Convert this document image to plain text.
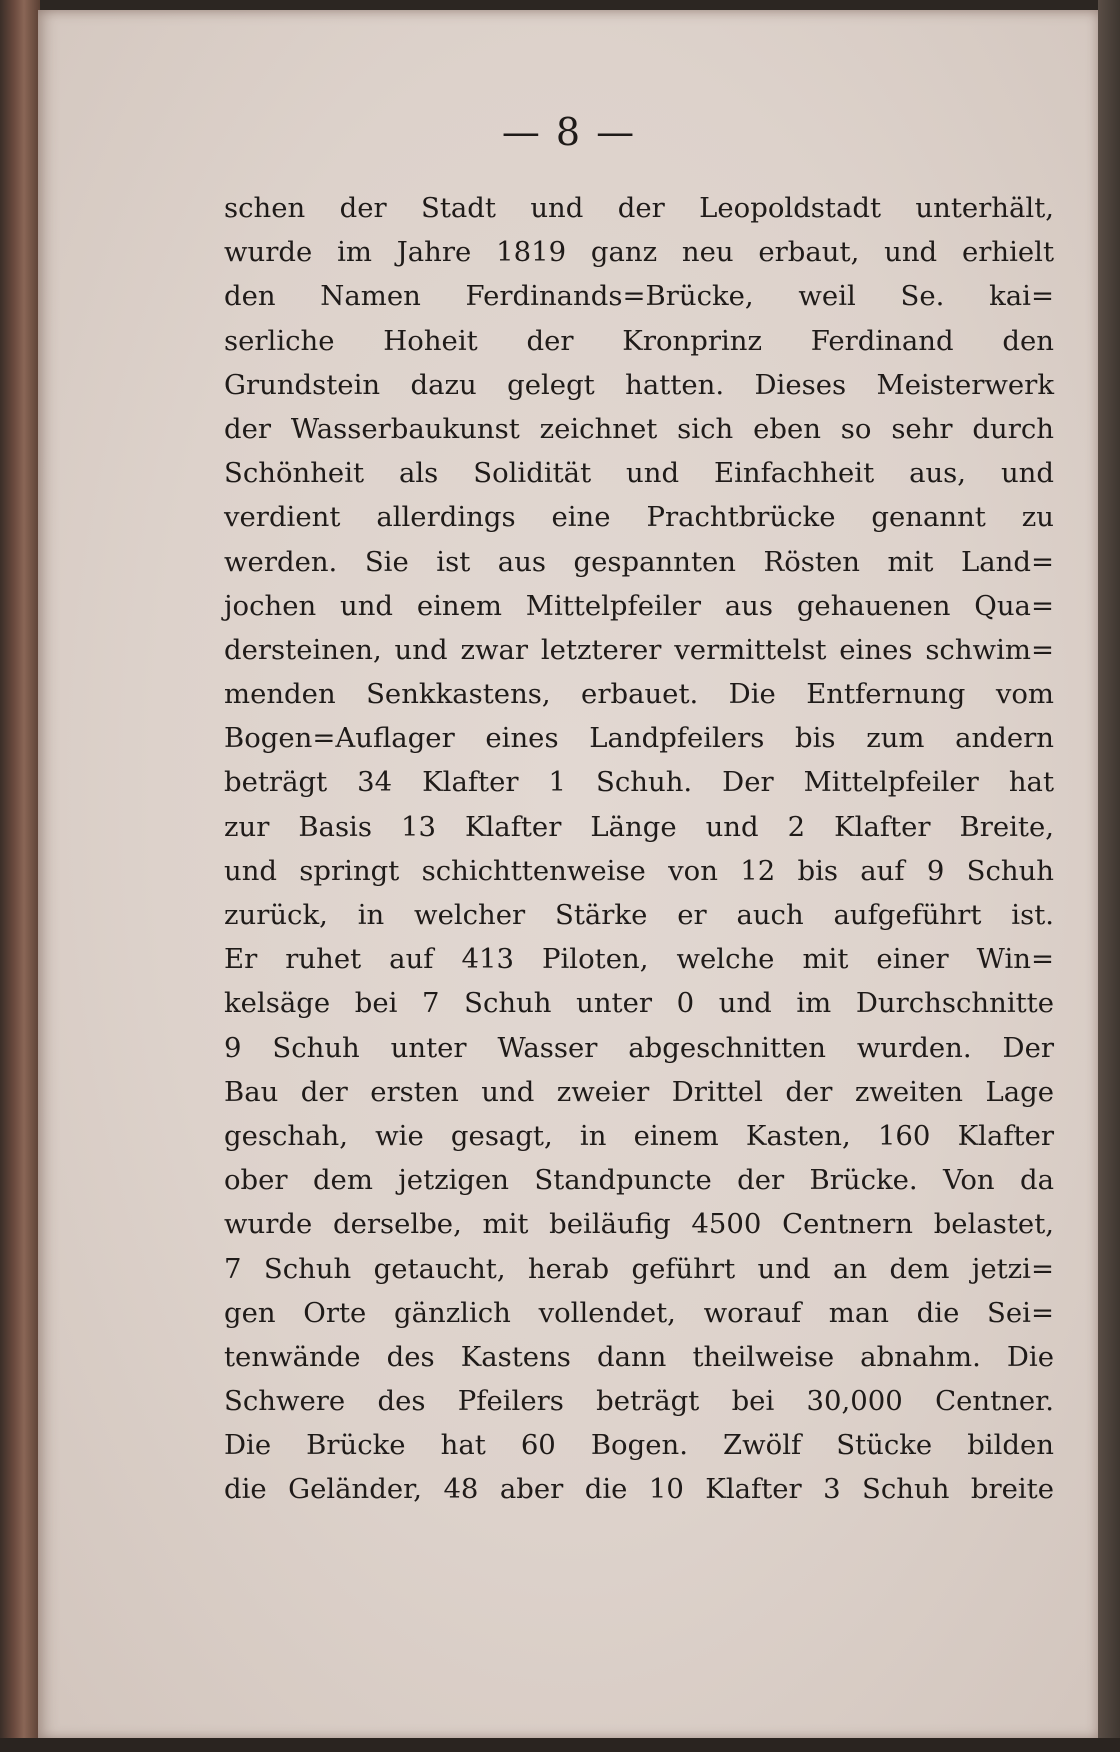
— 8 —
schen der Stadt und der Leopoldstadt unterhält,
wurde im Jahre 1819 ganz neu erbaut, und erhielt
den Namen Ferdinands=Brücke, weil Se. kai=
serliche Hoheit der Kronprinz Ferdinand den
Grundstein dazu gelegt hatten. Dieses Meisterwerk
der Wasserbaukunst zeichnet sich eben so sehr durch
Schönheit als Solidität und Einfachheit aus, und
verdient allerdings eine Prachtbrücke genannt zu
werden. Sie ist aus gespannten Rösten mit Land=
jochen und einem Mittelpfeiler aus gehauenen Qua=
dersteinen, und zwar letzterer vermittelst eines schwim=
menden Senkkastens, erbauet. Die Entfernung vom
Bogen=Auflager eines Landpfeilers bis zum andern
beträgt 34 Klafter 1 Schuh. Der Mittelpfeiler hat
zur Basis 13 Klafter Länge und 2 Klafter Breite,
und springt schichttenweise von 12 bis auf 9 Schuh
zurück, in welcher Stärke er auch aufgeführt ist.
Er ruhet auf 413 Piloten, welche mit einer Win=
kelsäge bei 7 Schuh unter 0 und im Durchschnitte
9 Schuh unter Wasser abgeschnitten wurden. Der
Bau der ersten und zweier Drittel der zweiten Lage
geschah, wie gesagt, in einem Kasten, 160 Klafter
ober dem jetzigen Standpuncte der Brücke. Von da
wurde derselbe, mit beiläufig 4500 Centnern belastet,
7 Schuh getaucht, herab geführt und an dem jetzi=
gen Orte gänzlich vollendet, worauf man die Sei=
tenwände des Kastens dann theilweise abnahm. Die
Schwere des Pfeilers beträgt bei 30,000 Centner.
Die Brücke hat 60 Bogen. Zwölf Stücke bilden
die Geländer, 48 aber die 10 Klafter 3 Schuh breite
